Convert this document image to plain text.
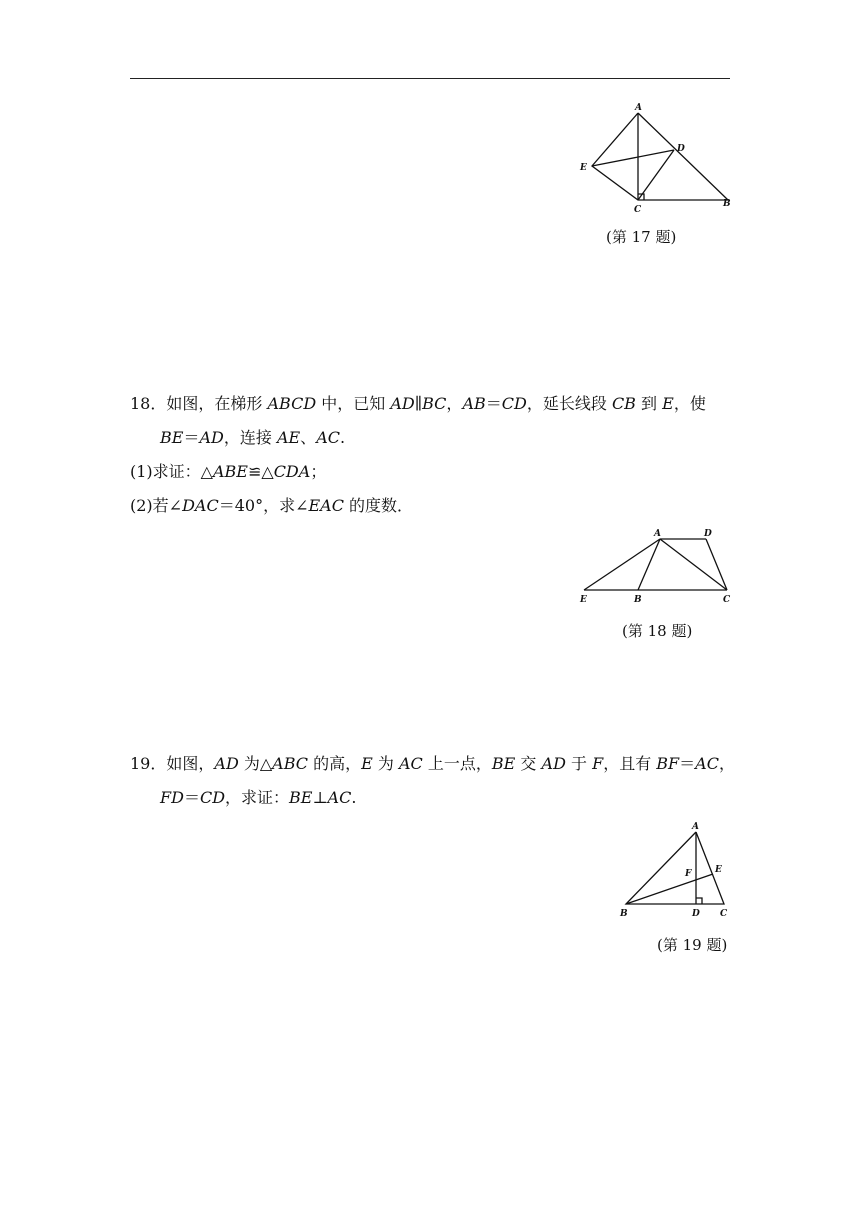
A
E
D
C
B
(第 17 题)
18．如图，在梯形 ABCD 中，已知 AD∥BC，AB＝CD，延长线段 CB 到 E，使
BE＝AD，连接 AE、AC.
(1)求证：△ABE≌△CDA；
(2)若∠DAC＝40°，求∠EAC 的度数．
A	D
E	B	C
(第 18 题)
19．如图，AD 为△ABC 的高，E 为 AC 上一点，BE 交 AD 于 F，且有 BF＝AC，
FD＝CD，求证：BE⊥AC.
A
E
F
B	D C
(第 19 题)
